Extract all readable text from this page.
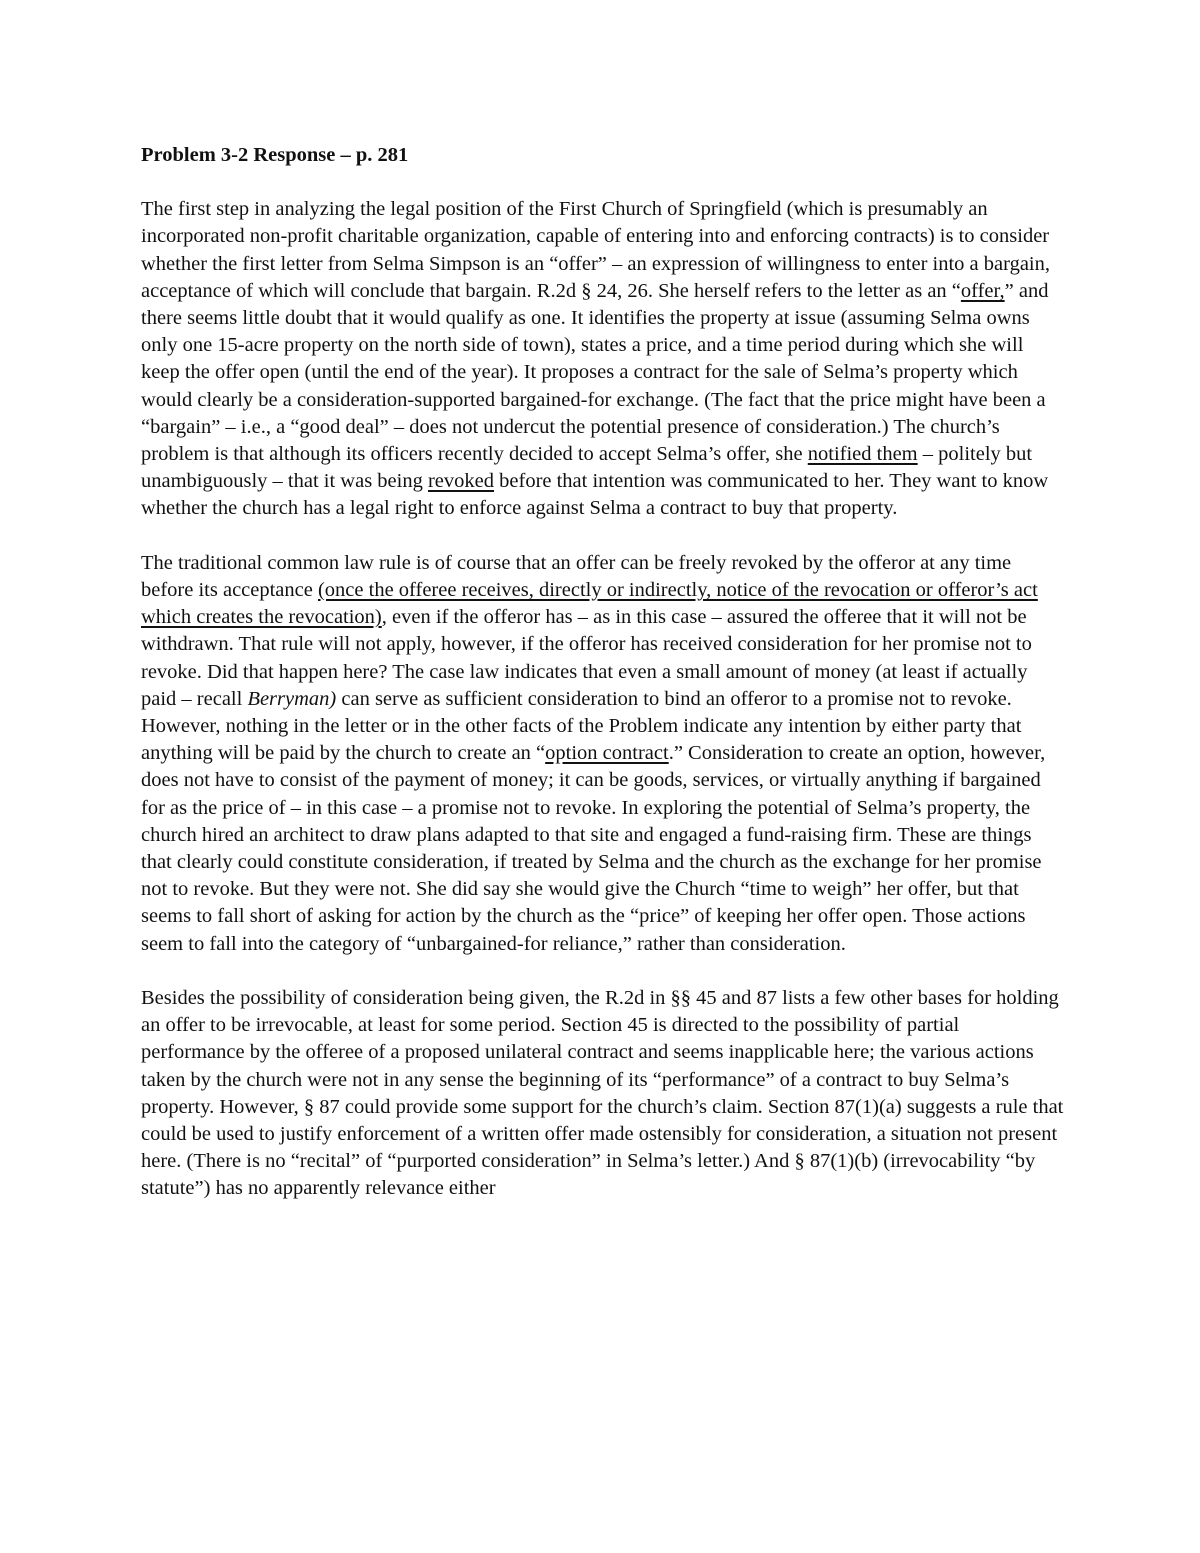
Problem 3-2 Response – p. 281

The first step in analyzing the legal position of the First Church of Springfield (which is presumably an incorporated non-profit charitable organization, capable of entering into and enforcing contracts) is to consider whether the first letter from Selma Simpson is an “offer” – an expression of willingness to enter into a bargain, acceptance of which will conclude that bargain. R.2d § 24, 26. She herself refers to the letter as an “offer,” and there seems little doubt that it would qualify as one. It identifies the property at issue (assuming Selma owns only one 15-acre property on the north side of town), states a price, and a time period during which she will keep the offer open (until the end of the year). It proposes a contract for the sale of Selma’s property which would clearly be a consideration-supported bargained-for exchange. (The fact that the price might have been a “bargain” – i.e., a “good deal” – does not undercut the potential presence of consideration.) The church’s problem is that although its officers recently decided to accept Selma’s offer, she notified them – politely but unambiguously – that it was being revoked before that intention was communicated to her. They want to know whether the church has a legal right to enforce against Selma a contract to buy that property.

The traditional common law rule is of course that an offer can be freely revoked by the offeror at any time before its acceptance (once the offeree receives, directly or indirectly, notice of the revocation or offeror’s act which creates the revocation), even if the offeror has – as in this case – assured the offeree that it will not be withdrawn. That rule will not apply, however, if the offeror has received consideration for her promise not to revoke. Did that happen here? The case law indicates that even a small amount of money (at least if actually paid – recall Berryman) can serve as sufficient consideration to bind an offeror to a promise not to revoke. However, nothing in the letter or in the other facts of the Problem indicate any intention by either party that anything will be paid by the church to create an “option contract.” Consideration to create an option, however, does not have to consist of the payment of money; it can be goods, services, or virtually anything if bargained for as the price of – in this case – a promise not to revoke. In exploring the potential of Selma’s property, the church hired an architect to draw plans adapted to that site and engaged a fund-raising firm. These are things that clearly could constitute consideration, if treated by Selma and the church as the exchange for her promise not to revoke. But they were not. She did say she would give the Church “time to weigh” her offer, but that seems to fall short of asking for action by the church as the “price” of keeping her offer open. Those actions seem to fall into the category of “unbargained-for reliance,” rather than consideration.

Besides the possibility of consideration being given, the R.2d in §§ 45 and 87 lists a few other bases for holding an offer to be irrevocable, at least for some period. Section 45 is directed to the possibility of partial performance by the offeree of a proposed unilateral contract and seems inapplicable here; the various actions taken by the church were not in any sense the beginning of its “performance” of a contract to buy Selma’s property. However, § 87 could provide some support for the church’s claim. Section 87(1)(a) suggests a rule that could be used to justify enforcement of a written offer made ostensibly for consideration, a situation not present here. (There is no “recital” of “purported consideration” in Selma’s letter.) And § 87(1)(b) (irrevocability “by statute”) has no apparently relevance either
